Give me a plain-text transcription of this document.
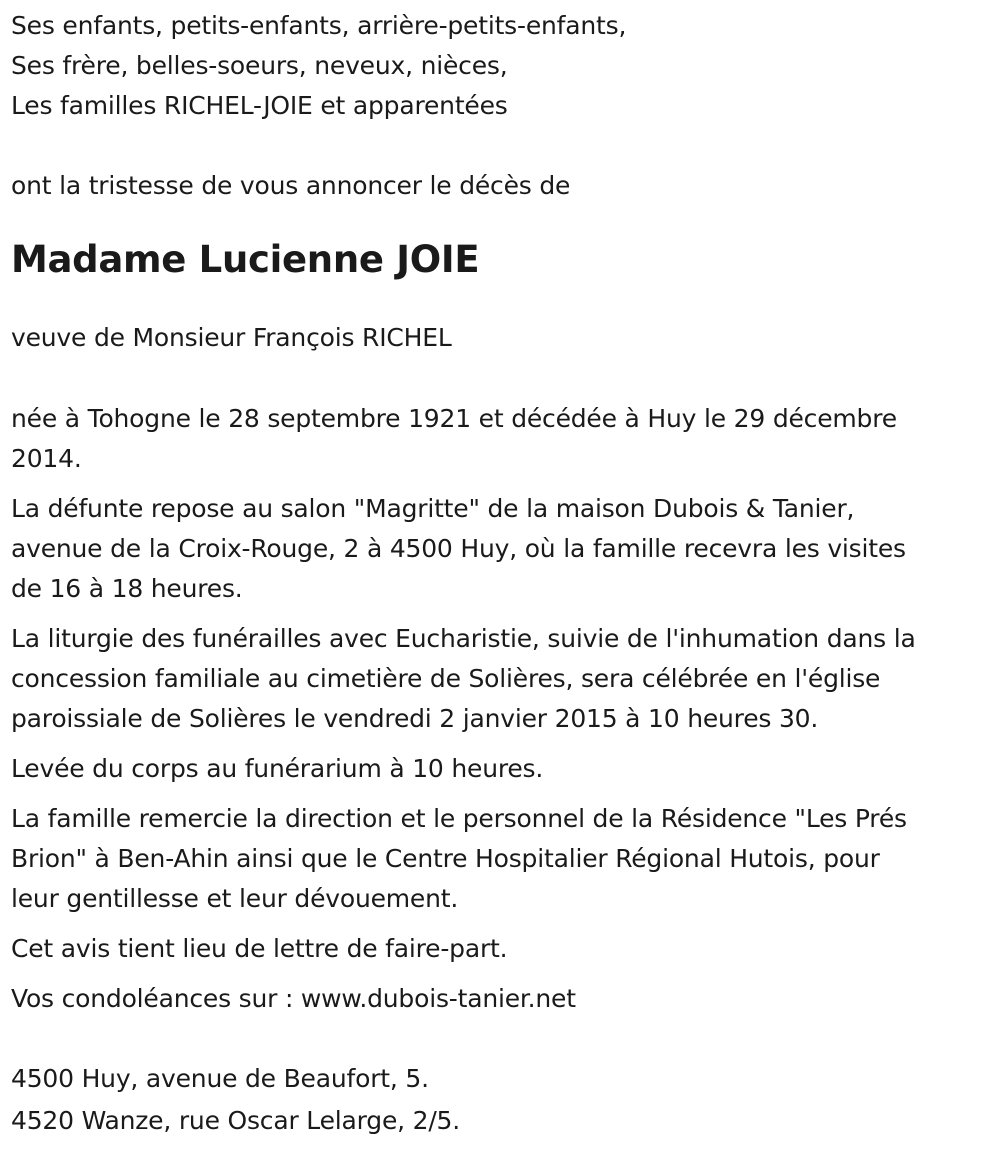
Ses enfants, petits-enfants, arrière-petits-enfants,
Ses frère, belles-soeurs, neveux, nièces,
Les familles RICHEL-JOIE et apparentées

ont la tristesse de vous annoncer le décès de

Madame Lucienne JOIE

veuve de Monsieur François RICHEL

née à Tohogne le 28 septembre 1921 et décédée à Huy le 29 décembre
2014.

La défunte repose au salon "Magritte" de la maison Dubois & Tanier,
avenue de la Croix-Rouge, 2 à 4500 Huy, où la famille recevra les visites
de 16 à 18 heures.

La liturgie des funérailles avec Eucharistie, suivie de l'inhumation dans la
concession familiale au cimetière de Solières, sera célébrée en l'église
paroissiale de Solières le vendredi 2 janvier 2015 à 10 heures 30.

Levée du corps au funérarium à 10 heures.

La famille remercie la direction et le personnel de la Résidence "Les Prés
Brion" à Ben-Ahin ainsi que le Centre Hospitalier Régional Hutois, pour
leur gentillesse et leur dévouement.

Cet avis tient lieu de lettre de faire-part.

Vos condoléances sur : www.dubois-tanier.net

4500 Huy, avenue de Beaufort, 5.
4520 Wanze, rue Oscar Lelarge, 2/5.
